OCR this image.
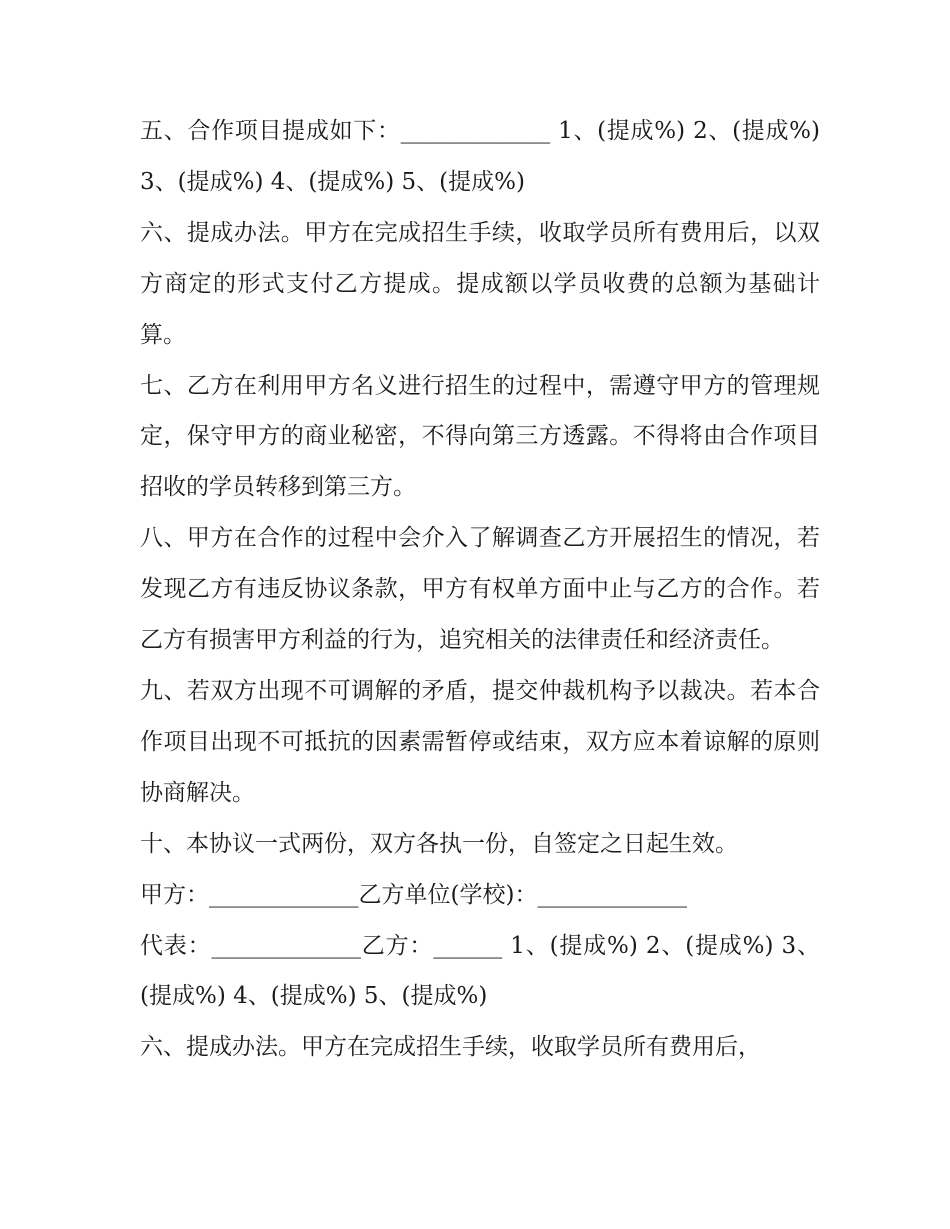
五、合作项目提成如下：_____________ 1、(提成%) 2、(提成%) 3、(提成%) 4、(提成%) 5、(提成%)

六、提成办法。甲方在完成招生手续，收取学员所有费用后，以双方商定的形式支付乙方提成。提成额以学员收费的总额为基础计算。

七、乙方在利用甲方名义进行招生的过程中，需遵守甲方的管理规定，保守甲方的商业秘密，不得向第三方透露。不得将由合作项目招收的学员转移到第三方。

八、甲方在合作的过程中会介入了解调查乙方开展招生的情况，若发现乙方有违反协议条款，甲方有权单方面中止与乙方的合作。若乙方有损害甲方利益的行为，追究相关的法律责任和经济责任。

九、若双方出现不可调解的矛盾，提交仲裁机构予以裁决。若本合作项目出现不可抵抗的因素需暂停或结束，双方应本着谅解的原则协商解决。

十、本协议一式两份，双方各执一份，自签定之日起生效。

甲方：_____________乙方单位(学校)：_____________

代表：_____________乙方：______ 1、(提成%) 2、(提成%) 3、(提成%) 4、(提成%) 5、(提成%)

六、提成办法。甲方在完成招生手续，收取学员所有费用后，
